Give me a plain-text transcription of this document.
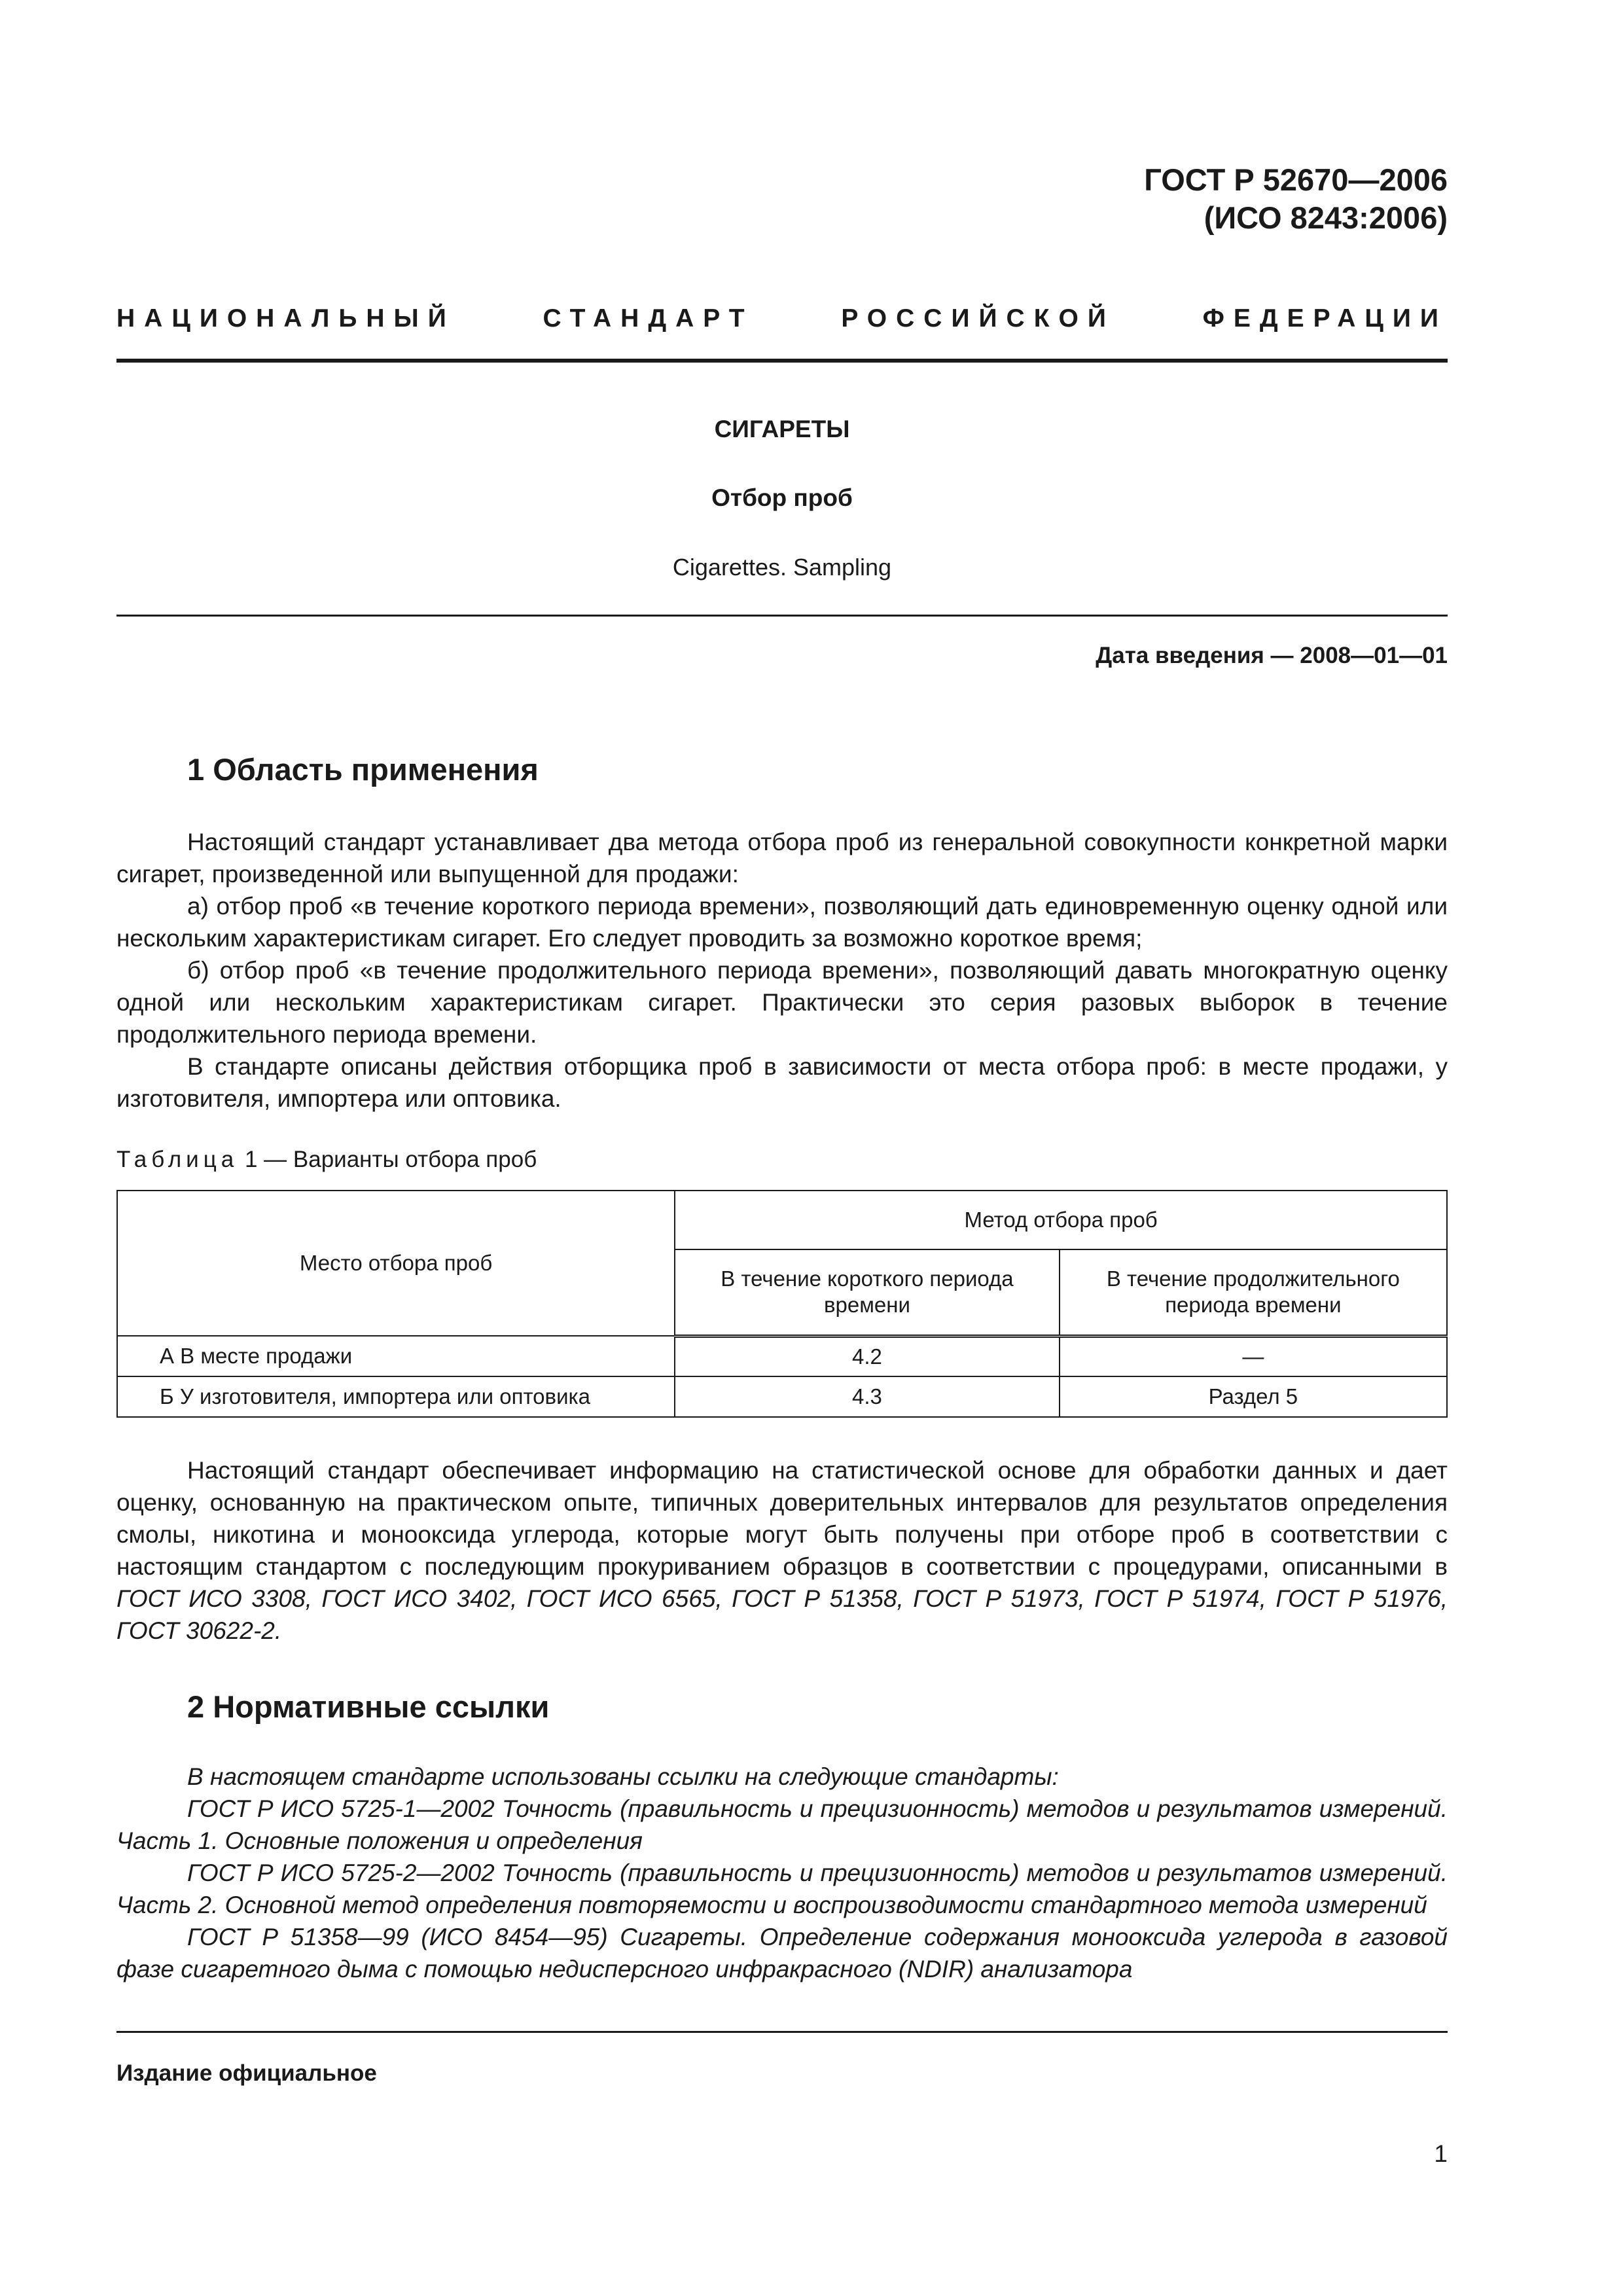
ГОСТ Р 52670—2006
(ИСО 8243:2006)
НАЦИОНАЛЬНЫЙ	СТАНДАРТ	РОССИЙСКОЙ	ФЕДЕРАЦИИ
СИГАРЕТЫ
Отбор проб
Cigarettes. Sampling
Дата введения — 2008—01—01
1 Область применения

Настоящий стандарт устанавливает два метода отбора проб из генеральной совокупности конкретной марки сигарет, произведенной или выпущенной для продажи:

а) отбор проб «в течение короткого периода времени», позволяющий дать единовременную оценку одной или нескольким характеристикам сигарет. Его следует проводить за возможно короткое время;

б) отбор проб «в течение продолжительного периода времени», позволяющий давать многократную оценку одной или нескольким характеристикам сигарет. Практически это серия разовых выборок в течение продолжительного периода времени.

В стандарте описаны действия отборщика проб в зависимости от места отбора проб: в месте продажи, у изготовителя, импортера или оптовика.

Таблица 1 — Варианты отбора проб
Место отбора проб	Метод отбора проб	
	В течение короткого периода времени	В течение продолжительного периода времени
А В месте продажи	4.2	—
Б У изготовителя, импортера или оптовика	4.3	Раздел 5

Настоящий стандарт обеспечивает информацию на статистической основе для обработки данных и дает оценку, основанную на практическом опыте, типичных доверительных интервалов для результатов определения смолы, никотина и монооксида углерода, которые могут быть получены при отборе проб в соответствии с настоящим стандартом с последующим прокуриванием образцов в соответствии с процедурами, описанными в ГОСТ ИСО 3308, ГОСТ ИСО 3402, ГОСТ ИСО 6565, ГОСТ Р 51358, ГОСТ Р 51973, ГОСТ Р 51974, ГОСТ Р 51976, ГОСТ 30622-2.

2 Нормативные ссылки

В настоящем стандарте использованы ссылки на следующие стандарты:

ГОСТ Р ИСО 5725-1—2002 Точность (правильность и прецизионность) методов и результатов измерений. Часть 1. Основные положения и определения

ГОСТ Р ИСО 5725-2—2002 Точность (правильность и прецизионность) методов и результатов измерений. Часть 2. Основной метод определения повторяемости и воспроизводимости стандартного метода измерений

ГОСТ Р 51358—99 (ИСО 8454—95) Сигареты. Определение содержания монооксида углерода в газовой фазе сигаретного дыма с помощью недисперсного инфракрасного (NDIR) анализатора

Издание официальное
1
